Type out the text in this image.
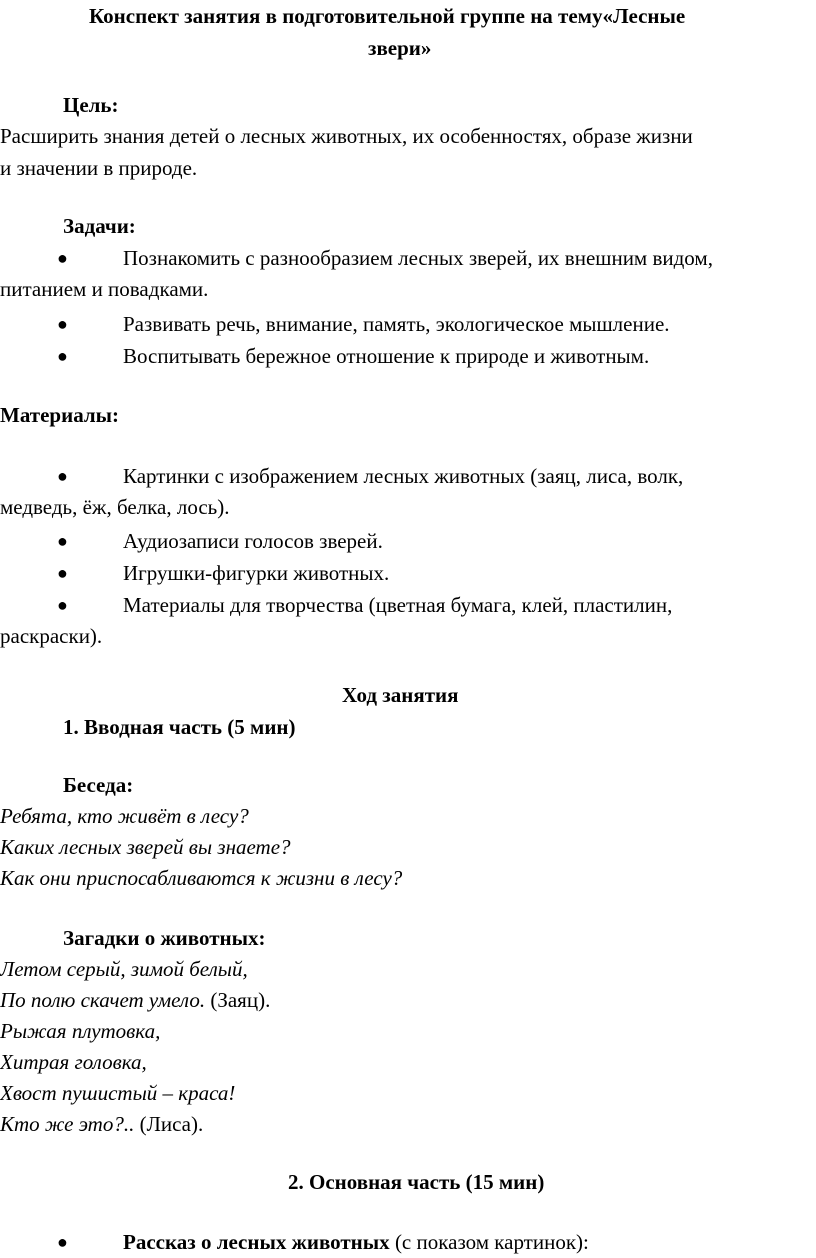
Конспект занятия в подготовительной группе на тему«Лесные
звери»
Цель:
Расширить знания детей о лесных животных, их особенностях, образе жизни
и значении в природе.
Задачи:
●	Познакомить с разнообразием лесных зверей, их внешним видом,
питанием и повадками.
●	Развивать речь, внимание, память, экологическое мышление.
●	Воспитывать бережное отношение к природе и животным.
Материалы:
●	Картинки с изображением лесных животных (заяц, лиса, волк,
медведь, ёж, белка, лось).
●	Аудиозаписи голосов зверей.
●	Игрушки-фигурки животных.
●	Материалы для творчества (цветная бумага, клей, пластилин,
раскраски).
Ход занятия
1. Вводная часть (5 мин)
Беседа:
Ребята, кто живёт в лесу?
Каких лесных зверей вы знаете?
Как они приспосабливаются к жизни в лесу?
Загадки о животных:
Летом серый, зимой белый,
По полю скачет умело. (Заяц).
Рыжая плутовка,
Хитрая головка,
Хвост пушистый – краса!
Кто же это?.. (Лиса).
2. Основная часть (15 мин)
●	Рассказ о лесных животных (с показом картинок):
